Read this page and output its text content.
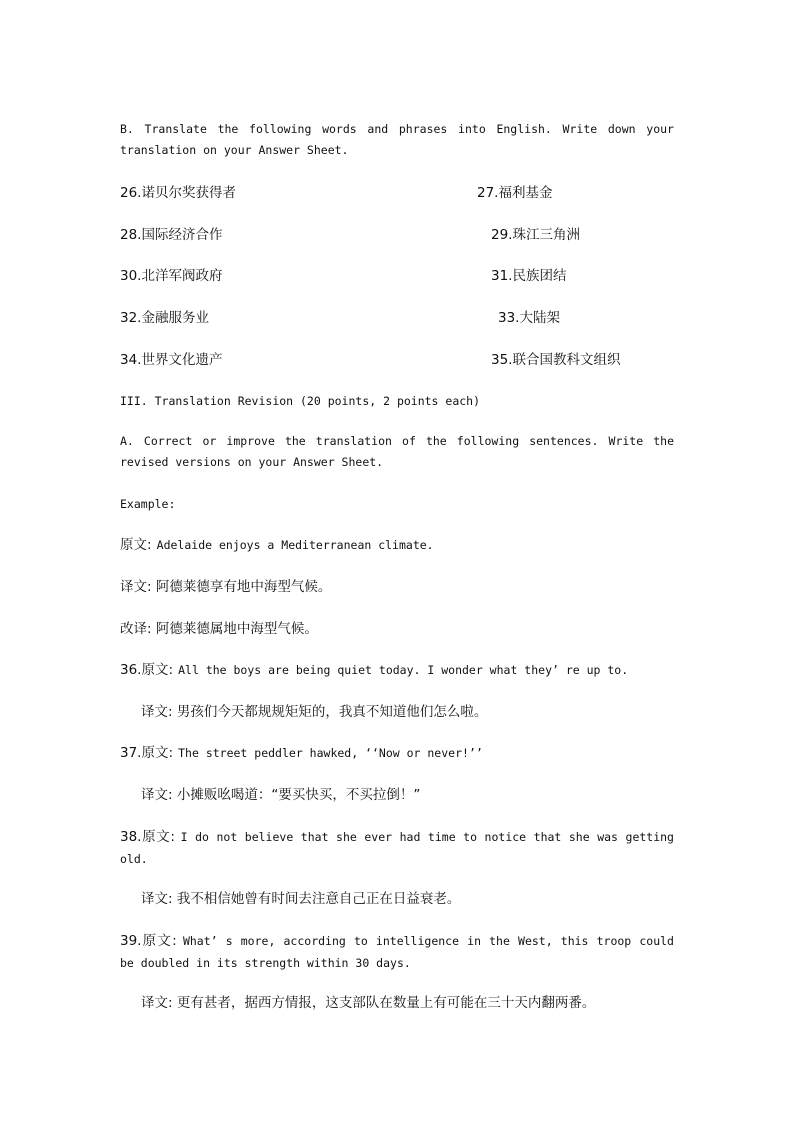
B. Translate the following words and phrases into English. Write down your translation on your Answer Sheet.
26.诺贝尔奖获得者	27.福利基金
28.国际经济合作	29.珠江三角洲
30.北洋军阀政府	31.民族团结
32.金融服务业	33.大陆架
34.世界文化遗产	35.联合国教科文组织
III. Translation Revision (20 points, 2 points each)
A. Correct or improve the translation of the following sentences. Write the revised versions on your Answer Sheet.
Example:
原文: Adelaide enjoys a Mediterranean climate.
译文: 阿德莱德享有地中海型气候。
改译: 阿德莱德属地中海型气候。
36.原文: All the boys are being quiet today. I wonder what they’ re up to.
译文: 男孩们今天都规规矩矩的，我真不知道他们怎么啦。
37.原文: The street peddler hawked, ‘‘Now or never!’’
译文: 小摊贩吆喝道：“要买快买，不买拉倒！”
38.原文: I do not believe that she ever had time to notice that she was getting old.
译文: 我不相信她曾有时间去注意自己正在日益衰老。
39.原文: What’ s more, according to intelligence in the West, this troop could be doubled in its strength within 30 days.
译文: 更有甚者，据西方情报，这支部队在数量上有可能在三十天内翻两番。
